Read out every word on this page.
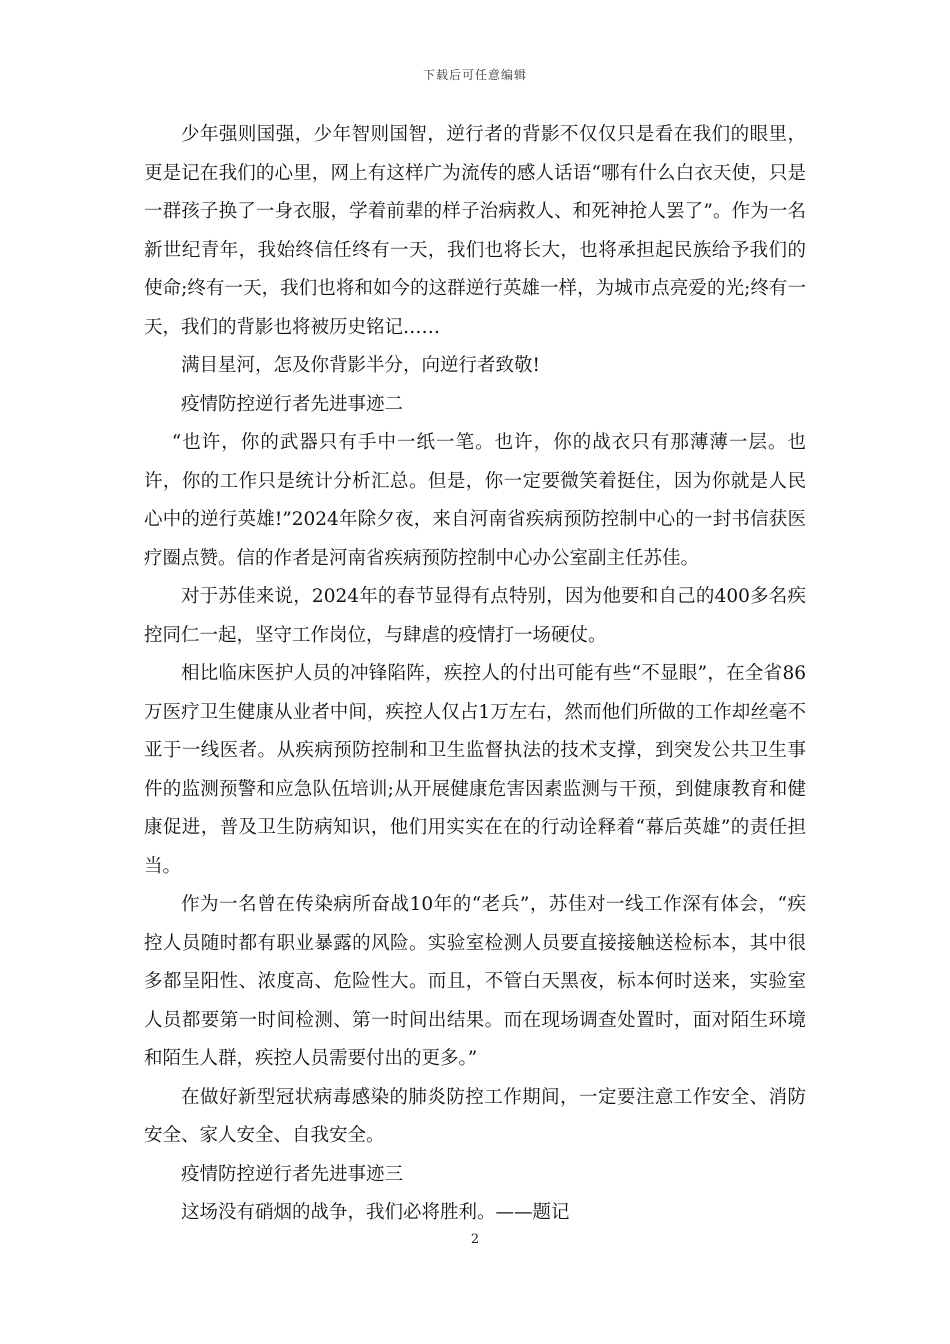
下载后可任意编辑

少年强则国强，少年智则国智，逆行者的背影不仅仅只是看在我们的眼里，更是记在我们的心里，网上有这样广为流传的感人话语“哪有什么白衣天使，只是一群孩子换了一身衣服，学着前辈的样子治病救人、和死神抢人罢了”。作为一名新世纪青年，我始终信任终有一天，我们也将长大，也将承担起民族给予我们的使命;终有一天，我们也将和如今的这群逆行英雄一样，为城市点亮爱的光;终有一天，我们的背影也将被历史铭记……

满目星河，怎及你背影半分，向逆行者致敬!

疫情防控逆行者先进事迹二

“也许，你的武器只有手中一纸一笔。也许，你的战衣只有那薄薄一层。也许，你的工作只是统计分析汇总。但是，你一定要微笑着挺住，因为你就是人民心中的逆行英雄!”2024年除夕夜，来自河南省疾病预防控制中心的一封书信获医疗圈点赞。信的作者是河南省疾病预防控制中心办公室副主任苏佳。

对于苏佳来说，2024年的春节显得有点特别，因为他要和自己的400多名疾控同仁一起，坚守工作岗位，与肆虐的疫情打一场硬仗。

相比临床医护人员的冲锋陷阵，疾控人的付出可能有些“不显眼”，在全省86万医疗卫生健康从业者中间，疾控人仅占1万左右，然而他们所做的工作却丝毫不亚于一线医者。从疾病预防控制和卫生监督执法的技术支撑，到突发公共卫生事件的监测预警和应急队伍培训;从开展健康危害因素监测与干预，到健康教育和健康促进，普及卫生防病知识，他们用实实在在的行动诠释着“幕后英雄”的责任担当。

作为一名曾在传染病所奋战10年的“老兵”，苏佳对一线工作深有体会，“疾控人员随时都有职业暴露的风险。实验室检测人员要直接接触送检标本，其中很多都呈阳性、浓度高、危险性大。而且，不管白天黑夜，标本何时送来，实验室人员都要第一时间检测、第一时间出结果。而在现场调查处置时，面对陌生环境和陌生人群，疾控人员需要付出的更多。”

在做好新型冠状病毒感染的肺炎防控工作期间，一定要注意工作安全、消防安全、家人安全、自我安全。

疫情防控逆行者先进事迹三

这场没有硝烟的战争，我们必将胜利。——题记

2
